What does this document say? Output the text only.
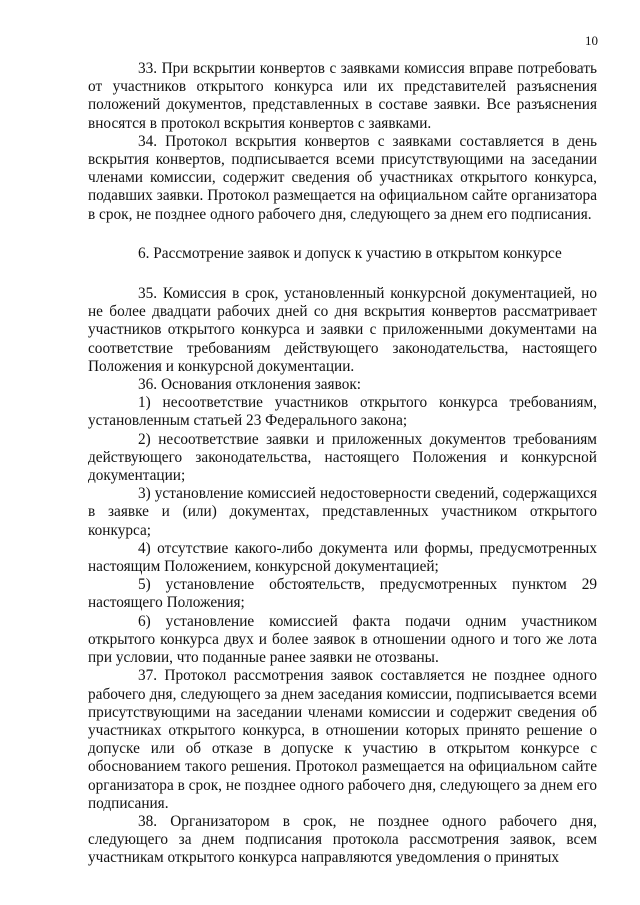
10

33. При вскрытии конвертов с заявками комиссия вправе потребовать от участников открытого конкурса или их представителей разъяснения положений документов, представленных в составе заявки. Все разъяснения вносятся в протокол вскрытия конвертов с заявками.

34. Протокол вскрытия конвертов с заявками составляется в день вскрытия конвертов, подписывается всеми присутствующими на заседании членами комиссии, содержит сведения об участниках открытого конкурса, подавших заявки. Протокол размещается на официальном сайте организатора в срок, не позднее одного рабочего дня, следующего за днем его подписания.

6. Рассмотрение заявок и допуск к участию в открытом конкурсе

35. Комиссия в срок, установленный конкурсной документацией, но не более двадцати рабочих дней со дня вскрытия конвертов рассматривает участников открытого конкурса и заявки с приложенными документами на соответствие требованиям действующего законодательства, настоящего Положения и конкурсной документации.

36. Основания отклонения заявок:

1) несоответствие участников открытого конкурса требованиям, установленным статьей 23 Федерального закона;

2) несоответствие заявки и приложенных документов требованиям действующего законодательства, настоящего Положения и конкурсной документации;

3) установление комиссией недостоверности сведений, содержащихся в заявке и (или) документах, представленных участником открытого конкурса;

4) отсутствие какого-либо документа или формы, предусмотренных настоящим Положением, конкурсной документацией;

5) установление обстоятельств, предусмотренных пунктом 29 настоящего Положения;

6) установление комиссией факта подачи одним участником открытого конкурса двух и более заявок в отношении одного и того же лота при условии, что поданные ранее заявки не отозваны.

37. Протокол рассмотрения заявок составляется не позднее одного рабочего дня, следующего за днем заседания комиссии, подписывается всеми присутствующими на заседании членами комиссии и содержит сведения об участниках открытого конкурса, в отношении которых принято решение о допуске или об отказе в допуске к участию в открытом конкурсе с обоснованием такого решения. Протокол размещается на официальном сайте организатора в срок, не позднее одного рабочего дня, следующего за днем его подписания.

38. Организатором в срок, не позднее одного рабочего дня, следующего за днем подписания протокола рассмотрения заявок, всем участникам открытого конкурса направляются уведомления о принятых
